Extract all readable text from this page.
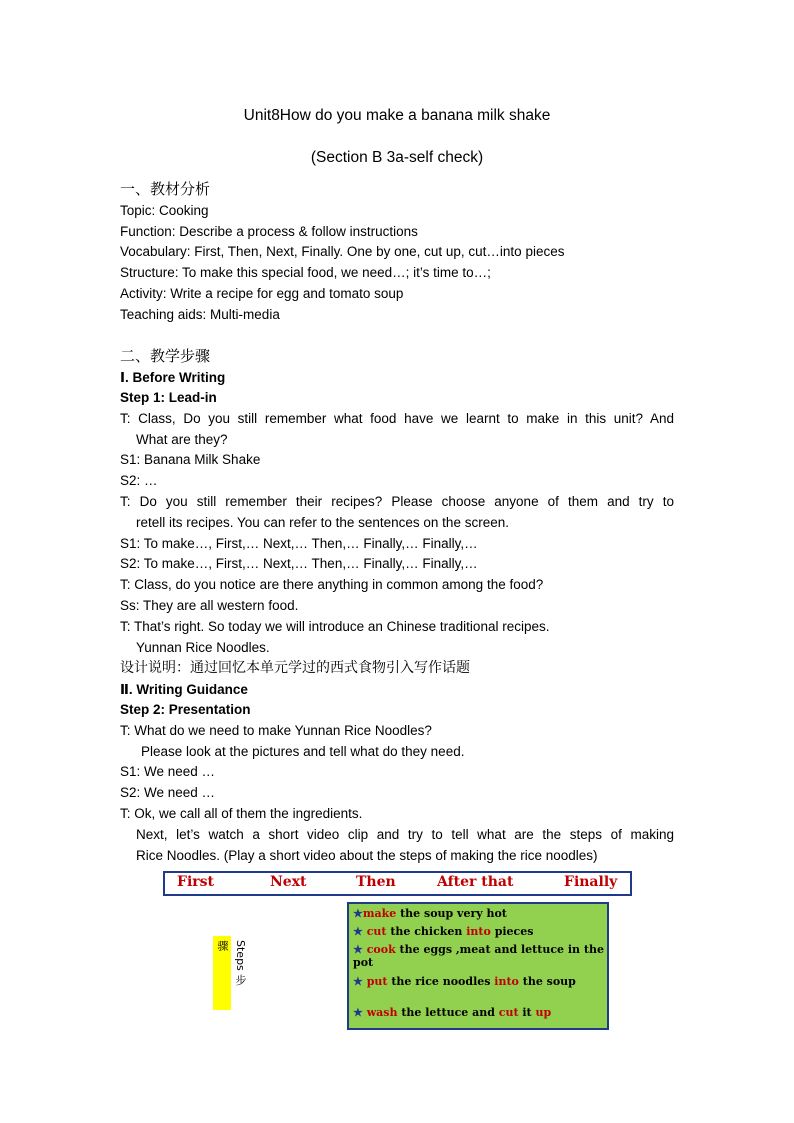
Unit8How do you make a banana milk shake
(Section B 3a-self check)
一、教材分析
Topic: Cooking
Function: Describe a process & follow instructions
Vocabulary: First, Then, Next, Finally. One by one, cut up, cut…into pieces
Structure: To make this special food, we need…; it’s time to…;
Activity: Write a recipe for egg and tomato soup
Teaching aids: Multi-media
二、教学步骤
Ⅰ. Before Writing
Step 1: Lead-in
T: Class, Do you still remember what food have we learnt to make in this unit? And
What are they?
S1: Banana Milk Shake
S2: …
T: Do you still remember their recipes? Please choose anyone of them and try to
retell its recipes. You can refer to the sentences on the screen.
S1: To make…, First,… Next,… Then,… Finally,… Finally,…
S2: To make…, First,… Next,… Then,… Finally,… Finally,…
T: Class, do you notice are there anything in common among the food?
Ss: They are all western food.
T: That’s right. So today we will introduce an Chinese traditional recipes.
Yunnan Rice Noodles.
设计说明：通过回忆本单元学过的西式食物引入写作话题
Ⅱ. Writing Guidance
Step 2: Presentation
T: What do we need to make Yunnan Rice Noodles?
Please look at the pictures and tell what do they need.
S1: We need …
S2: We need …
T: Ok, we call all of them the ingredients.
Next, let’s watch a short video clip and try to tell what are the steps of making
Rice Noodles. (Play a short video about the steps of making the rice noodles)
First	Next	Then	After that	Finally
骤 Steps 步
★make the soup very hot
★ cut the chicken into pieces
★ cook the eggs ,meat and lettuce in the pot
★ put the rice noodles into the soup
★ wash the lettuce and cut it up
